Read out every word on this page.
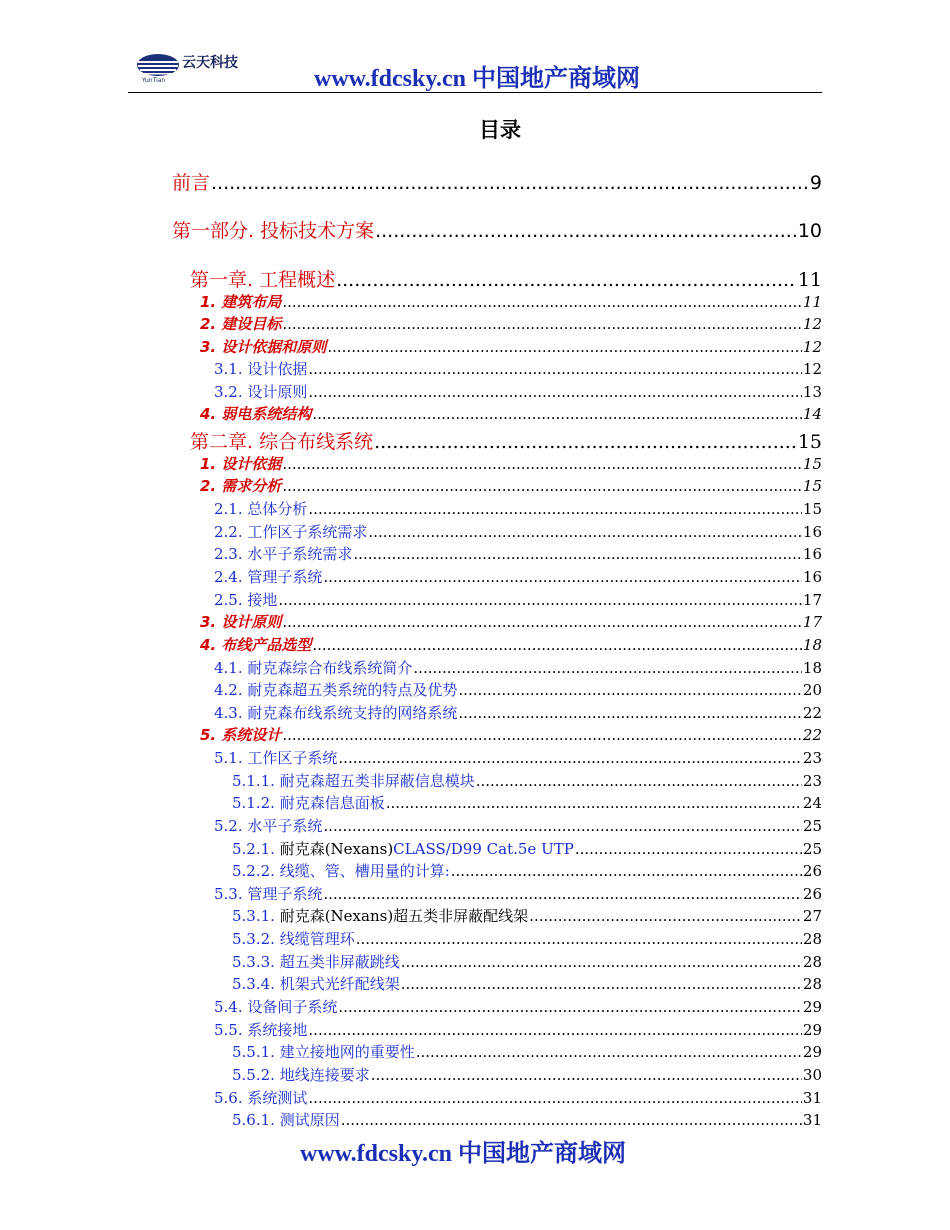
云天科技
YunTian	www.fdcsky.cn 中国地产商域网
目录
前言 .....	9
第一部分. 投标技术方案 .....	10
第一章. 工程概述 .....	11
1. 建筑布局 .....	11
2. 建设目标 .....	12
3. 设计依据和原则 .....	12
3.1. 设计依据 .....	12
3.2. 设计原则 .....	13
4. 弱电系统结构 .....	14
第二章. 综合布线系统 .....	15
1. 设计依据 .....	15
2. 需求分析 .....	15
2.1. 总体分析 .....	15
2.2. 工作区子系统需求 .....	16
2.3. 水平子系统需求 .....	16
2.4. 管理子系统 .....	16
2.5. 接地 .....	17
3. 设计原则 .....	17
4. 布线产品选型 .....	18
4.1. 耐克森综合布线系统简介 .....	18
4.2. 耐克森超五类系统的特点及优势 .....	20
4.3. 耐克森布线系统支持的网络系统 .....	22
5. 系统设计 .....	22
5.1. 工作区子系统 .....	23
5.1.1. 耐克森超五类非屏蔽信息模块 .....	23
5.1.2. 耐克森信息面板 .....	24
5.2. 水平子系统 .....	25
5.2.1. 耐克森(Nexans)CLASS/D99 Cat.5e UTP .....	25
5.2.2. 线缆、管、槽用量的计算: .....	26
5.3. 管理子系统 .....	26
5.3.1. 耐克森(Nexans)超五类非屏蔽配线架 .....	27
5.3.2. 线缆管理环 .....	28
5.3.3. 超五类非屏蔽跳线 .....	28
5.3.4. 机架式光纤配线架 .....	28
5.4. 设备间子系统 .....	29
5.5. 系统接地 .....	29
5.5.1. 建立接地网的重要性 .....	29
5.5.2. 地线连接要求 .....	30
5.6. 系统测试 .....	31
5.6.1. 测试原因 .....	31
www.fdcsky.cn 中国地产商域网
